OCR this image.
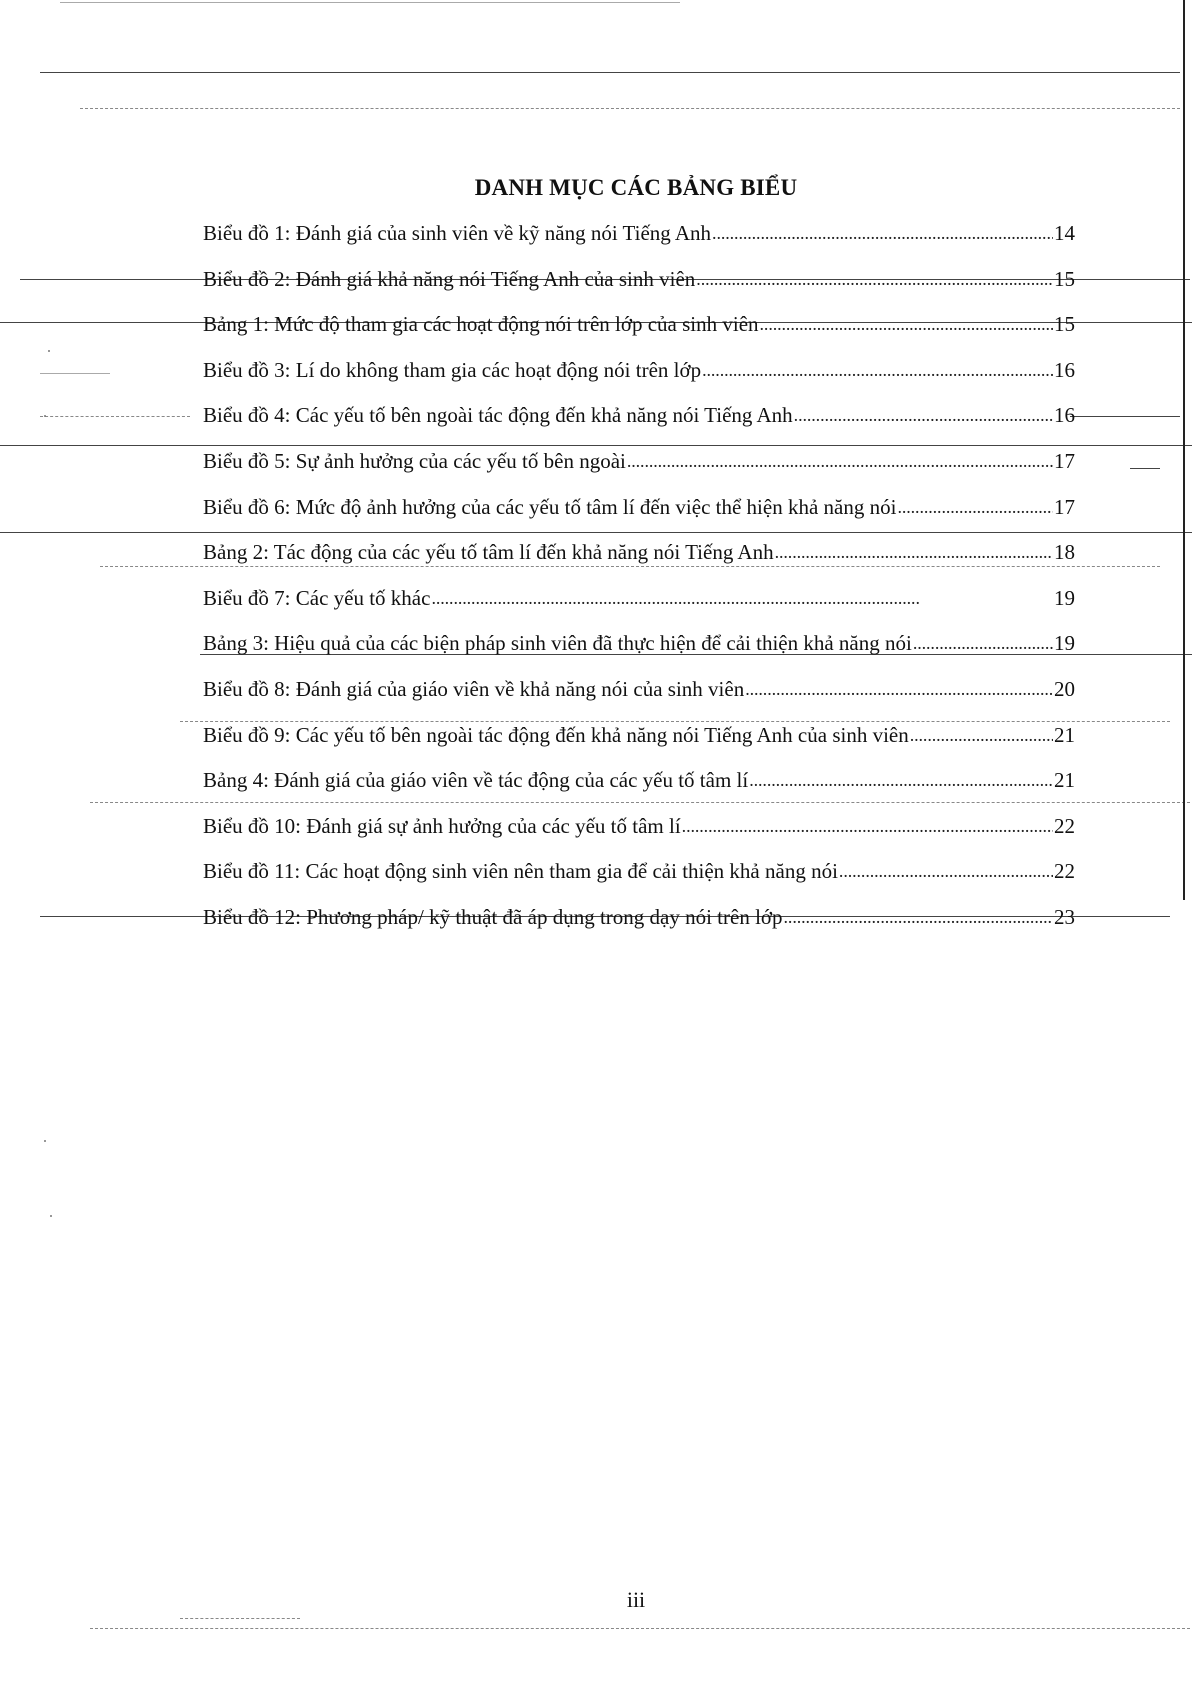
DANH MỤC CÁC BẢNG BIỂU
Biểu đồ 1: Đánh giá của sinh viên về kỹ năng nói Tiếng Anh . . .	14
Biểu đồ 2: Đánh giá khả năng nói Tiếng Anh của sinh viên . . .	15
Bảng 1: Mức độ tham gia các hoạt động nói trên lớp của sinh viên . . .	15
Biểu đồ 3: Lí do không tham gia các hoạt động nói trên lớp . . .	16
Biểu đồ 4: Các yếu tố bên ngoài tác động đến khả năng nói Tiếng Anh . . .	16
Biểu đồ 5: Sự ảnh hưởng của các yếu tố bên ngoài . . .	17
Biểu đồ 6: Mức độ ảnh hưởng của các yếu tố tâm lí đến việc thể hiện khả năng nói . . .	17
Bảng 2: Tác động của các yếu tố tâm lí đến khả năng nói Tiếng Anh . . .	18
Biểu đồ 7: Các yếu tố khác . . .	19
Bảng 3: Hiệu quả của các biện pháp sinh viên đã thực hiện để cải thiện khả năng nói . . .	19
Biểu đồ 8: Đánh giá của giáo viên về khả năng nói của sinh viên . . .	20
Biểu đồ 9: Các yếu tố bên ngoài tác động đến khả năng nói Tiếng Anh của sinh viên . . .	21
Bảng 4: Đánh giá của giáo viên về tác động của các yếu tố tâm lí . . .	21
Biểu đồ 10: Đánh giá sự ảnh hưởng của các yếu tố tâm lí . . .	22
Biểu đồ 11: Các hoạt động sinh viên nên tham gia để cải thiện khả năng nói . . .	22
Biểu đồ 12: Phương pháp/ kỹ thuật đã áp dụng trong dạy nói trên lớp . . .	23
iii
